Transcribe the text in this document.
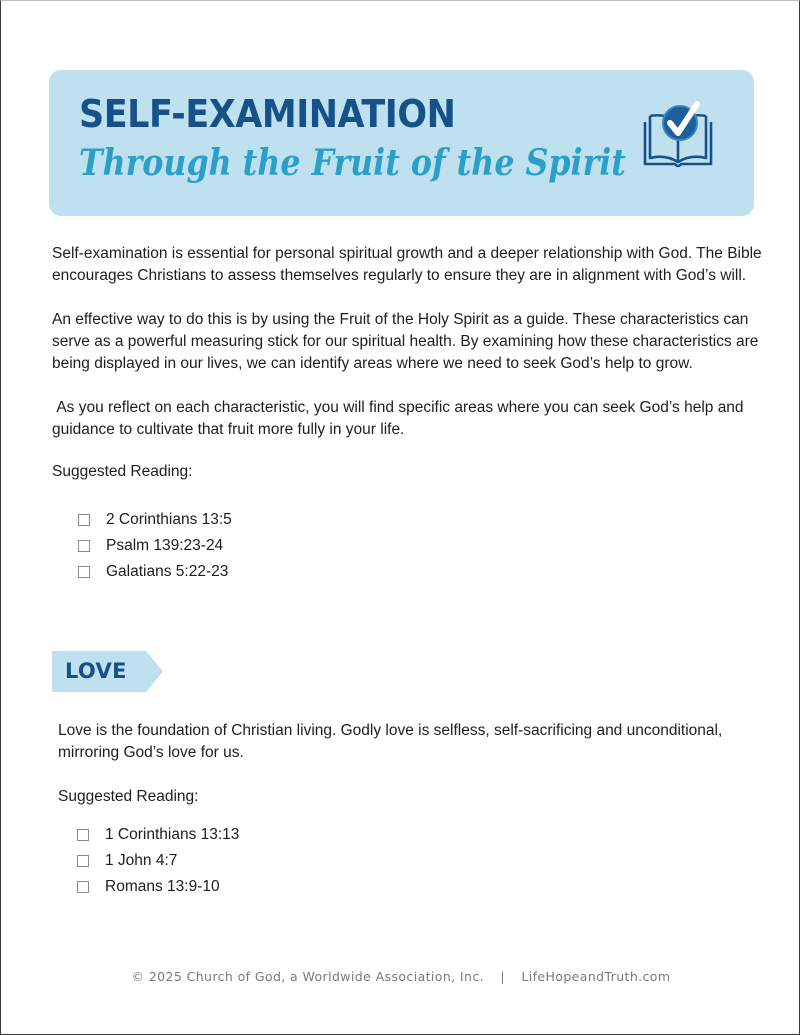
SELF-EXAMINATION
Through the Fruit of the Spirit

Self-examination is essential for personal spiritual growth and a deeper relationship with God. The Bible encourages Christians to assess themselves regularly to ensure they are in alignment with God’s will.

An effective way to do this is by using the Fruit of the Holy Spirit as a guide. These characteristics can serve as a powerful measuring stick for our spiritual health. By examining how these characteristics are being displayed in our lives, we can identify areas where we need to seek God’s help to grow.

As you reflect on each characteristic, you will find specific areas where you can seek God’s help and guidance to cultivate that fruit more fully in your life.

Suggested Reading:

2 Corinthians 13:5
Psalm 139:23-24
Galatians 5:22-23
LOVE

Love is the foundation of Christian living. Godly love is selfless, self-sacrificing and unconditional, mirroring God’s love for us.

Suggested Reading:

1 Corinthians 13:13
1 John 4:7
Romans 13:9-10
© 2025 Church of God, a Worldwide Association, Inc. | LifeHopeandTruth.com
